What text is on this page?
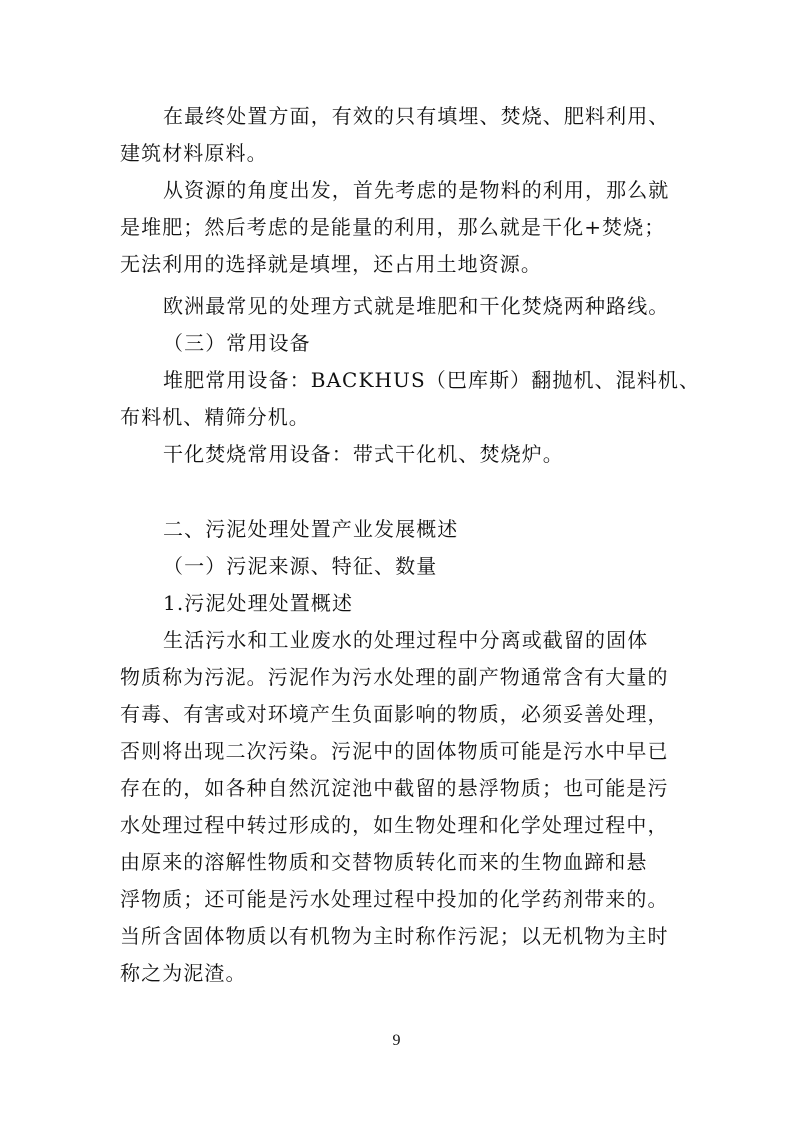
在最终处置方面，有效的只有填埋、焚烧、肥料利用、
建筑材料原料。
从资源的角度出发，首先考虑的是物料的利用，那么就
是堆肥；然后考虑的是能量的利用，那么就是干化+焚烧；
无法利用的选择就是填埋，还占用土地资源。
欧洲最常见的处理方式就是堆肥和干化焚烧两种路线。
（三）常用设备
堆肥常用设备：BACKHUS（巴库斯）翻抛机、混料机、
布料机、精筛分机。
干化焚烧常用设备：带式干化机、焚烧炉。
二、污泥处理处置产业发展概述
（一）污泥来源、特征、数量
1.污泥处理处置概述
生活污水和工业废水的处理过程中分离或截留的固体
物质称为污泥。污泥作为污水处理的副产物通常含有大量的
有毒、有害或对环境产生负面影响的物质，必须妥善处理，
否则将出现二次污染。污泥中的固体物质可能是污水中早已
存在的，如各种自然沉淀池中截留的悬浮物质；也可能是污
水处理过程中转过形成的，如生物处理和化学处理过程中，
由原来的溶解性物质和交替物质转化而来的生物血蹄和悬
浮物质；还可能是污水处理过程中投加的化学药剂带来的。
当所含固体物质以有机物为主时称作污泥；以无机物为主时
称之为泥渣。
9
